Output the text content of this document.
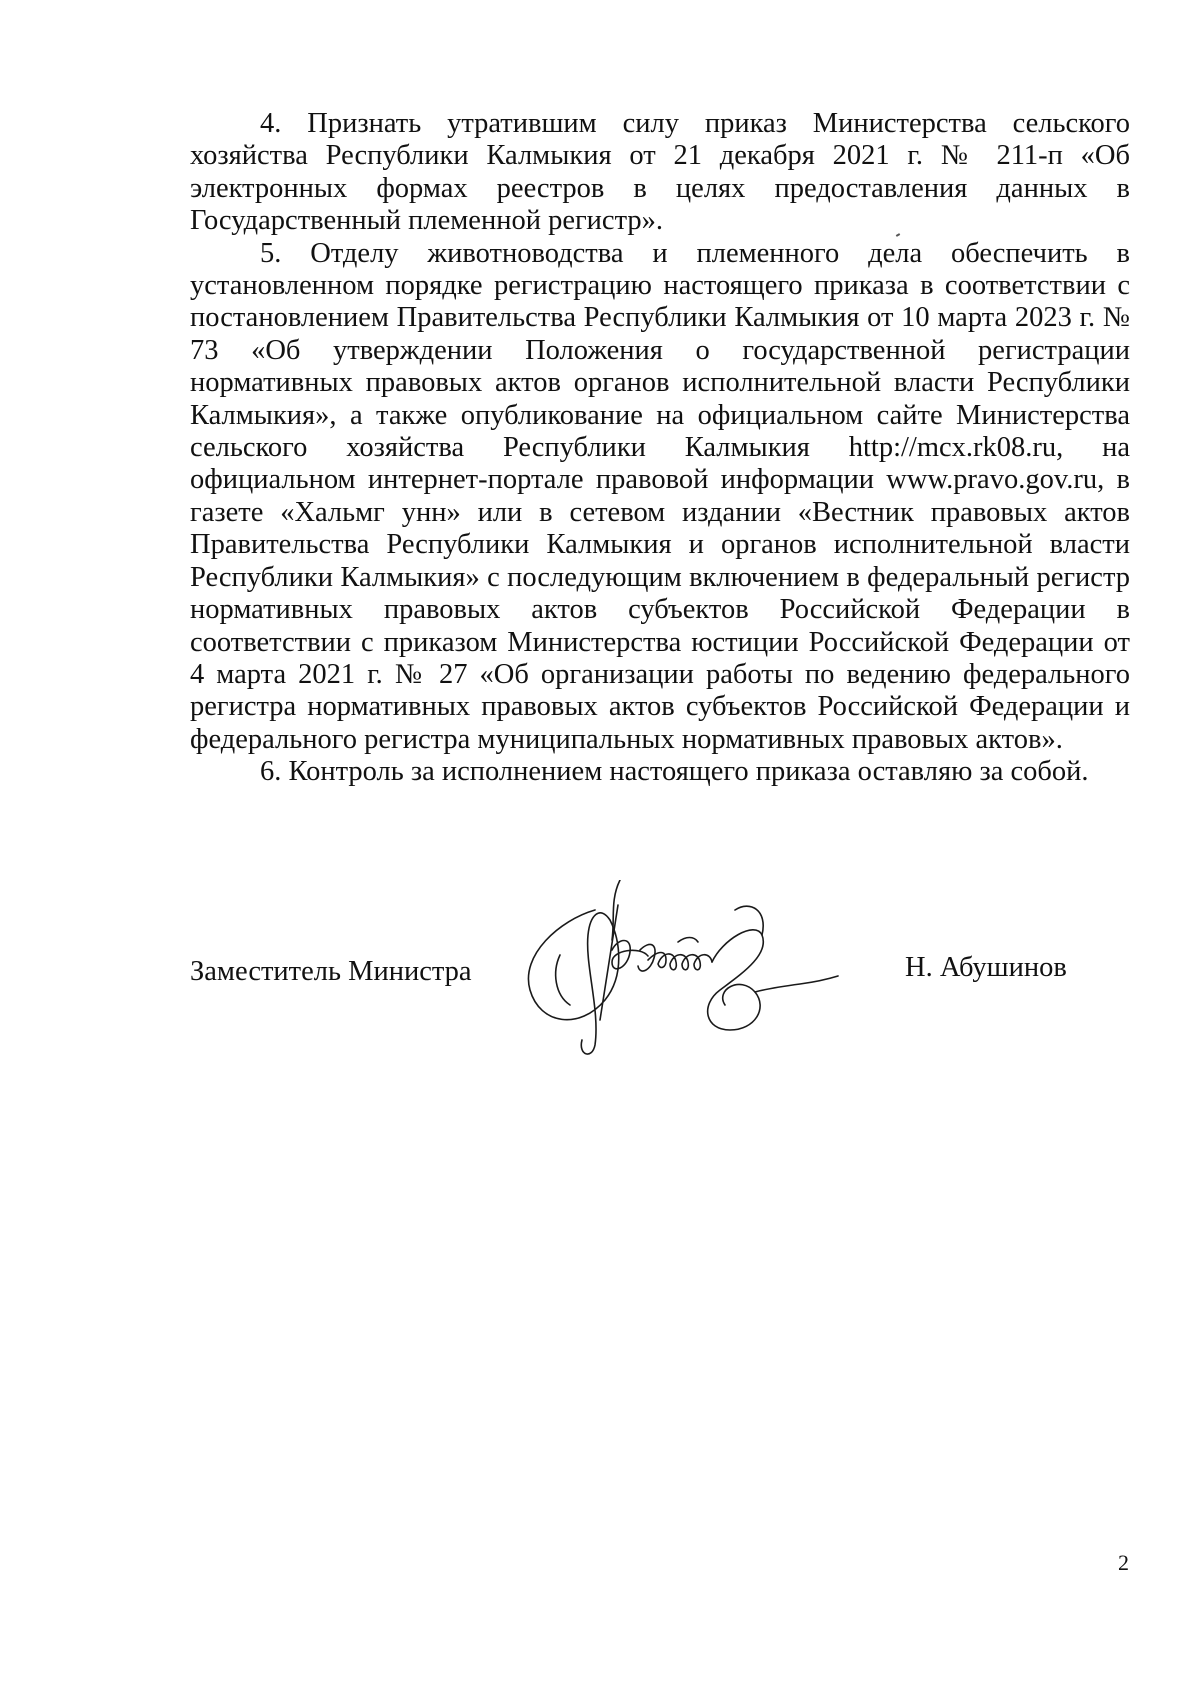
4. Признать утратившим силу приказ Министерства сельского хозяйства Республики Калмыкия от 21 декабря 2021 г. № 211-п «Об электронных формах реестров в целях предоставления данных в Государственный племенной регистр».

5. Отделу животноводства и племенного дела обеспечить в установленном порядке регистрацию настоящего приказа в соответствии с постановлением Правительства Республики Калмыкия от 10 марта 2023 г. № 73 «Об утверждении Положения о государственной регистрации нормативных правовых актов органов исполнительной власти Республики Калмыкия», а также опубликование на официальном сайте Министерства сельского хозяйства Республики Калмыкия http://mcx.rk08.ru, на официальном интернет-портале правовой информации www.pravo.gov.ru, в газете «Хальмг унн» или в сетевом издании «Вестник правовых актов Правительства Республики Калмыкия и органов исполнительной власти Республики Калмыкия» с последующим включением в федеральный регистр нормативных правовых актов субъектов Российской Федерации в соответствии с приказом Министерства юстиции Российской Федерации от 4 марта 2021 г. № 27 «Об организации работы по ведению федерального регистра нормативных правовых актов субъектов Российской Федерации и федерального регистра муниципальных нормативных правовых актов».

6. Контроль за исполнением настоящего приказа оставляю за собой.

Заместитель Министра	Н. Абушинов
2
